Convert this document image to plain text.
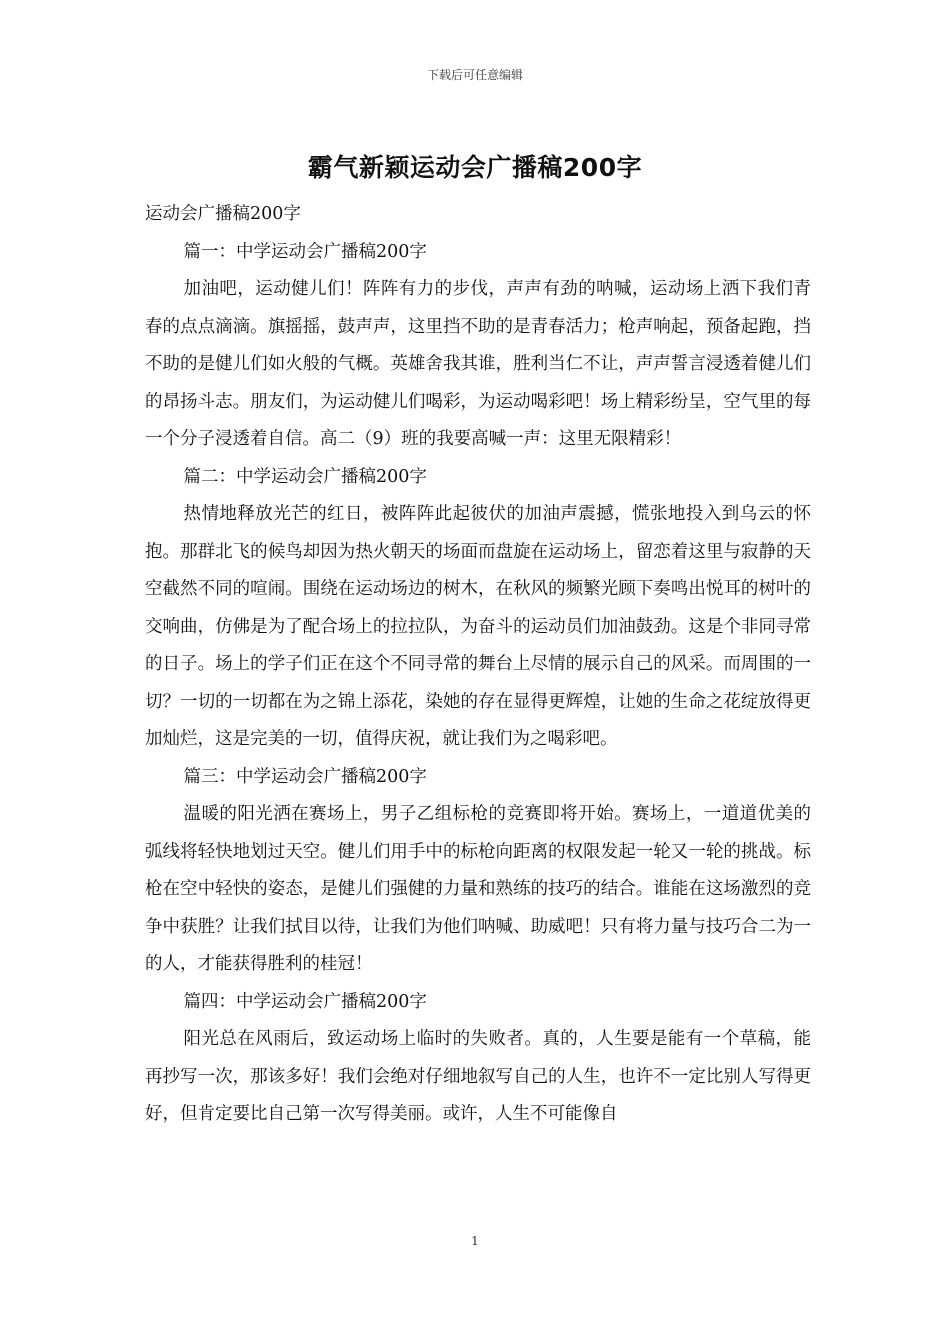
下载后可任意编辑
霸气新颖运动会广播稿200字

运动会广播稿200字

篇一：中学运动会广播稿200字

加油吧，运动健儿们！阵阵有力的步伐，声声有劲的呐喊，运动场上洒下我们青春的点点滴滴。旗摇摇，鼓声声，这里挡不助的是青春活力；枪声响起，预备起跑，挡不助的是健儿们如火般的气概。英雄舍我其谁，胜利当仁不让，声声誓言浸透着健儿们的昂扬斗志。朋友们，为运动健儿们喝彩，为运动喝彩吧！场上精彩纷呈，空气里的每一个分子浸透着自信。高二（9）班的我要高喊一声：这里无限精彩！

篇二：中学运动会广播稿200字

热情地释放光芒的红日，被阵阵此起彼伏的加油声震撼，慌张地投入到乌云的怀抱。那群北飞的候鸟却因为热火朝天的场面而盘旋在运动场上，留恋着这里与寂静的天空截然不同的喧闹。围绕在运动场边的树木，在秋风的频繁光顾下奏鸣出悦耳的树叶的交响曲，仿佛是为了配合场上的拉拉队，为奋斗的运动员们加油鼓劲。这是个非同寻常的日子。场上的学子们正在这个不同寻常的舞台上尽情的展示自己的风采。而周围的一切？一切的一切都在为之锦上添花，染她的存在显得更辉煌，让她的生命之花绽放得更加灿烂，这是完美的一切，值得庆祝，就让我们为之喝彩吧。

篇三：中学运动会广播稿200字

温暖的阳光洒在赛场上，男子乙组标枪的竞赛即将开始。赛场上，一道道优美的弧线将轻快地划过天空。健儿们用手中的标枪向距离的权限发起一轮又一轮的挑战。标枪在空中轻快的姿态，是健儿们强健的力量和熟练的技巧的结合。谁能在这场激烈的竞争中获胜？让我们拭目以待，让我们为他们呐喊、助威吧！只有将力量与技巧合二为一的人，才能获得胜利的桂冠！

篇四：中学运动会广播稿200字

阳光总在风雨后，致运动场上临时的失败者。真的，人生要是能有一个草稿，能再抄写一次，那该多好！我们会绝对仔细地叙写自己的人生，也许不一定比别人写得更好，但肯定要比自己第一次写得美丽。或许，人生不可能像自

1
